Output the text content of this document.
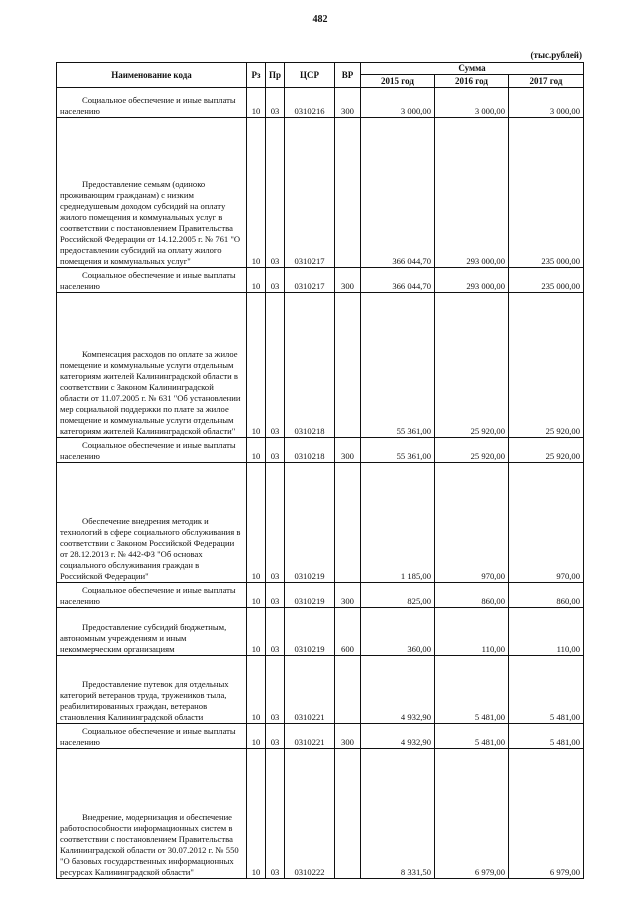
482
(тыс.рублей)
Наименование кода	Рз	Пр	ЦСР	ВР	Сумма		
					2015 год	2016 год	2017 год
Социальное обеспечение и иные выплаты населению	10	03	0310216	300	3 000,00	3 000,00	3 000,00
Предоставление семьям (одиноко проживающим гражданам) с низким среднедушевым доходом субсидий на оплату жилого помещения и коммунальных услуг в соответствии с постановлением Правительства Российской Федерации от 14.12.2005 г. № 761 "О предоставлении субсидий на оплату жилого помещения и коммунальных услуг"	10	03	0310217		366 044,70	293 000,00	235 000,00
Социальное обеспечение и иные выплаты населению	10	03	0310217	300	366 044,70	293 000,00	235 000,00
Компенсация расходов по оплате за жилое помещение и коммунальные услуги отдельным категориям жителей Калининградской области в соответствии с Законом Калининградской области от 11.07.2005 г. № 631 "Об установлении мер социальной поддержки по плате за жилое помещение и коммунальные услуги отдельным категориям жителей Калининградской области"	10	03	0310218		55 361,00	25 920,00	25 920,00
Социальное обеспечение и иные выплаты населению	10	03	0310218	300	55 361,00	25 920,00	25 920,00
Обеспечение внедрения методик и технологий в сфере социального обслуживания в соответствии с Законом Российской Федерации от 28.12.2013 г. № 442-ФЗ "Об основах социального обслуживания граждан в Российской Федерации"	10	03	0310219		1 185,00	970,00	970,00
Социальное обеспечение и иные выплаты населению	10	03	0310219	300	825,00	860,00	860,00
Предоставление субсидий бюджетным, автономным учреждениям и иным некоммерческим организациям	10	03	0310219	600	360,00	110,00	110,00
Предоставление путевок для отдельных категорий ветеранов труда, тружеников тыла, реабилитированных граждан, ветеранов становления Калининградской области	10	03	0310221		4 932,90	5 481,00	5 481,00
Социальное обеспечение и иные выплаты населению	10	03	0310221	300	4 932,90	5 481,00	5 481,00
Внедрение, модернизация и обеспечение работоспособности информационных систем в соответствии с постановлением Правительства Калининградской области от 30.07.2012 г. № 550 "О базовых государственных информационных ресурсах Калининградской области"	10	03	0310222		8 331,50	6 979,00	6 979,00
